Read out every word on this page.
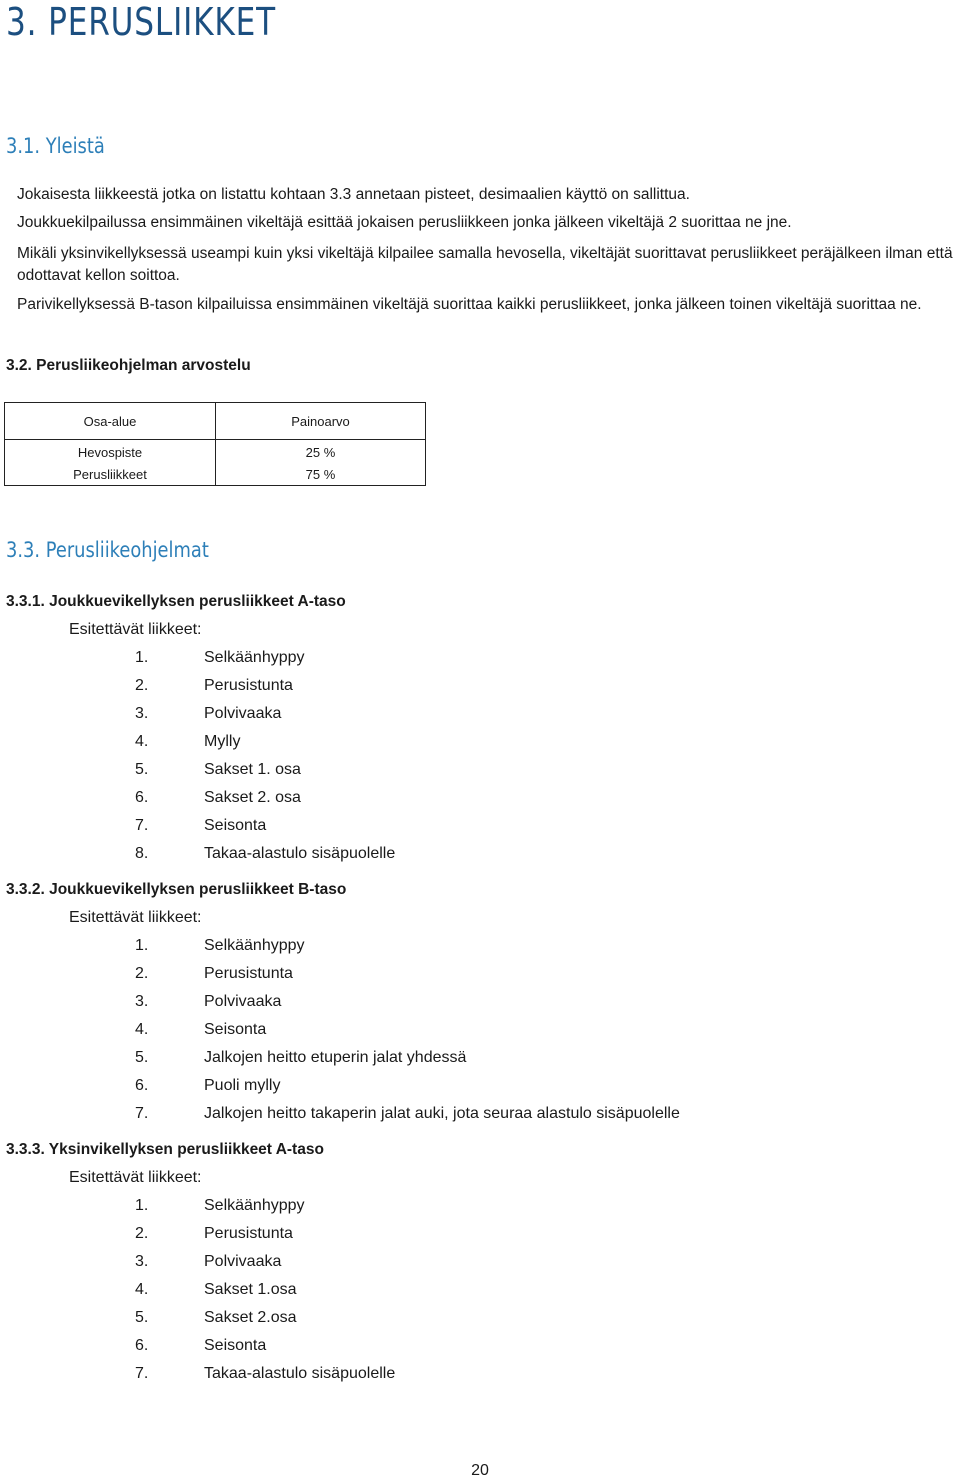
3. PERUSLIIKKET
3.1. Yleistä
Jokaisesta liikkeestä jotka on listattu kohtaan 3.3 annetaan pisteet, desimaalien käyttö on sallittua.
Joukkuekilpailussa ensimmäinen vikeltäjä esittää jokaisen perusliikkeen jonka jälkeen vikeltäjä 2 suorittaa ne jne.
Mikäli yksinvikellyksessä useampi kuin yksi vikeltäjä kilpailee samalla hevosella, vikeltäjät suorittavat perusliikkeet peräjälkeen ilman että odottavat kellon soittoa.
Parivikellyksessä B-tason kilpailuissa ensimmäinen vikeltäjä suorittaa kaikki perusliikkeet, jonka jälkeen toinen vikeltäjä suorittaa ne.
3.2. Perusliikeohjelman arvostelu
Osa-alue	Painoarvo
Hevospiste	25 %
Perusliikkeet	75 %
3.3. Perusliikeohjelmat
3.3.1. Joukkuevikellyksen perusliikkeet A-taso
Esitettävät liikkeet:
1.	Selkäänhyppy
2.	Perusistunta
3.	Polvivaaka
4.	Mylly
5.	Sakset 1. osa
6.	Sakset 2. osa
7.	Seisonta
8.	Takaa-alastulo sisäpuolelle
3.3.2. Joukkuevikellyksen perusliikkeet B-taso
Esitettävät liikkeet:
1.	Selkäänhyppy
2.	Perusistunta
3.	Polvivaaka
4.	Seisonta
5.	Jalkojen heitto etuperin jalat yhdessä
6.	Puoli mylly
7.	Jalkojen heitto takaperin jalat auki, jota seuraa alastulo sisäpuolelle
3.3.3. Yksinvikellyksen perusliikkeet A-taso
Esitettävät liikkeet:
1.	Selkäänhyppy
2.	Perusistunta
3.	Polvivaaka
4.	Sakset 1.osa
5.	Sakset 2.osa
6.	Seisonta
7.	Takaa-alastulo sisäpuolelle
20
